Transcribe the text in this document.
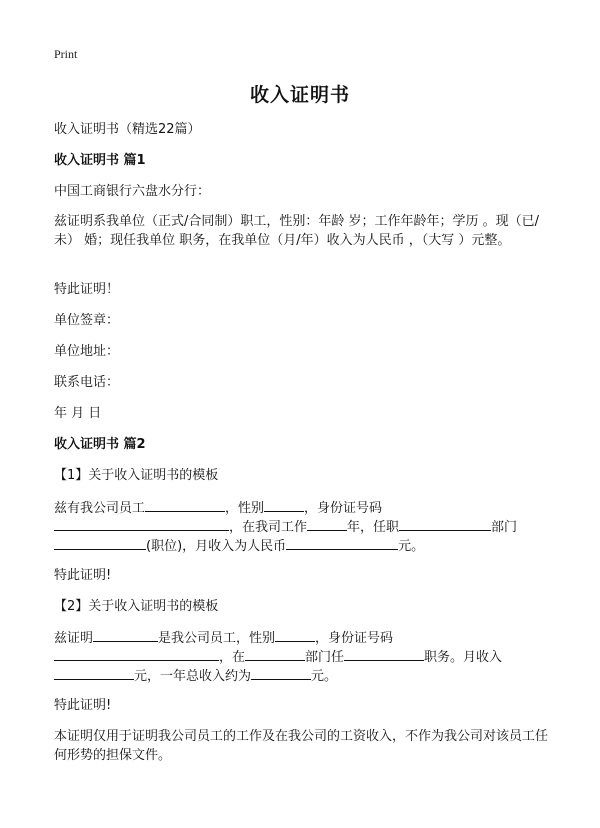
Print
收入证明书
收入证明书（精选22篇）
收入证明书 篇1
中国工商银行六盘水分行：
兹证明系我单位（正式/合同制）职工，性别：年龄 岁；工作年龄年；学历 。现（已/未） 婚；现任我单位 职务，在我单位（月/年）收入为人民币 ，（大写 ）元整。
特此证明！
单位签章：
单位地址：
联系电话：
年 月 日
收入证明书 篇2
【1】关于收入证明书的模板
兹有我公司员工	，性别	，身份证号码
，在我司工作	年，任职	部门
(职位)，月收入为人民币	元。
特此证明!
【2】关于收入证明书的模板
兹证明	是我公司员工，性别	，身份证号码
，在	部门任	职务。月收入
元，一年总收入约为	元。
特此证明!
本证明仅用于证明我公司员工的工作及在我公司的工资收入，不作为我公司对该员工任何形势的担保文件。
